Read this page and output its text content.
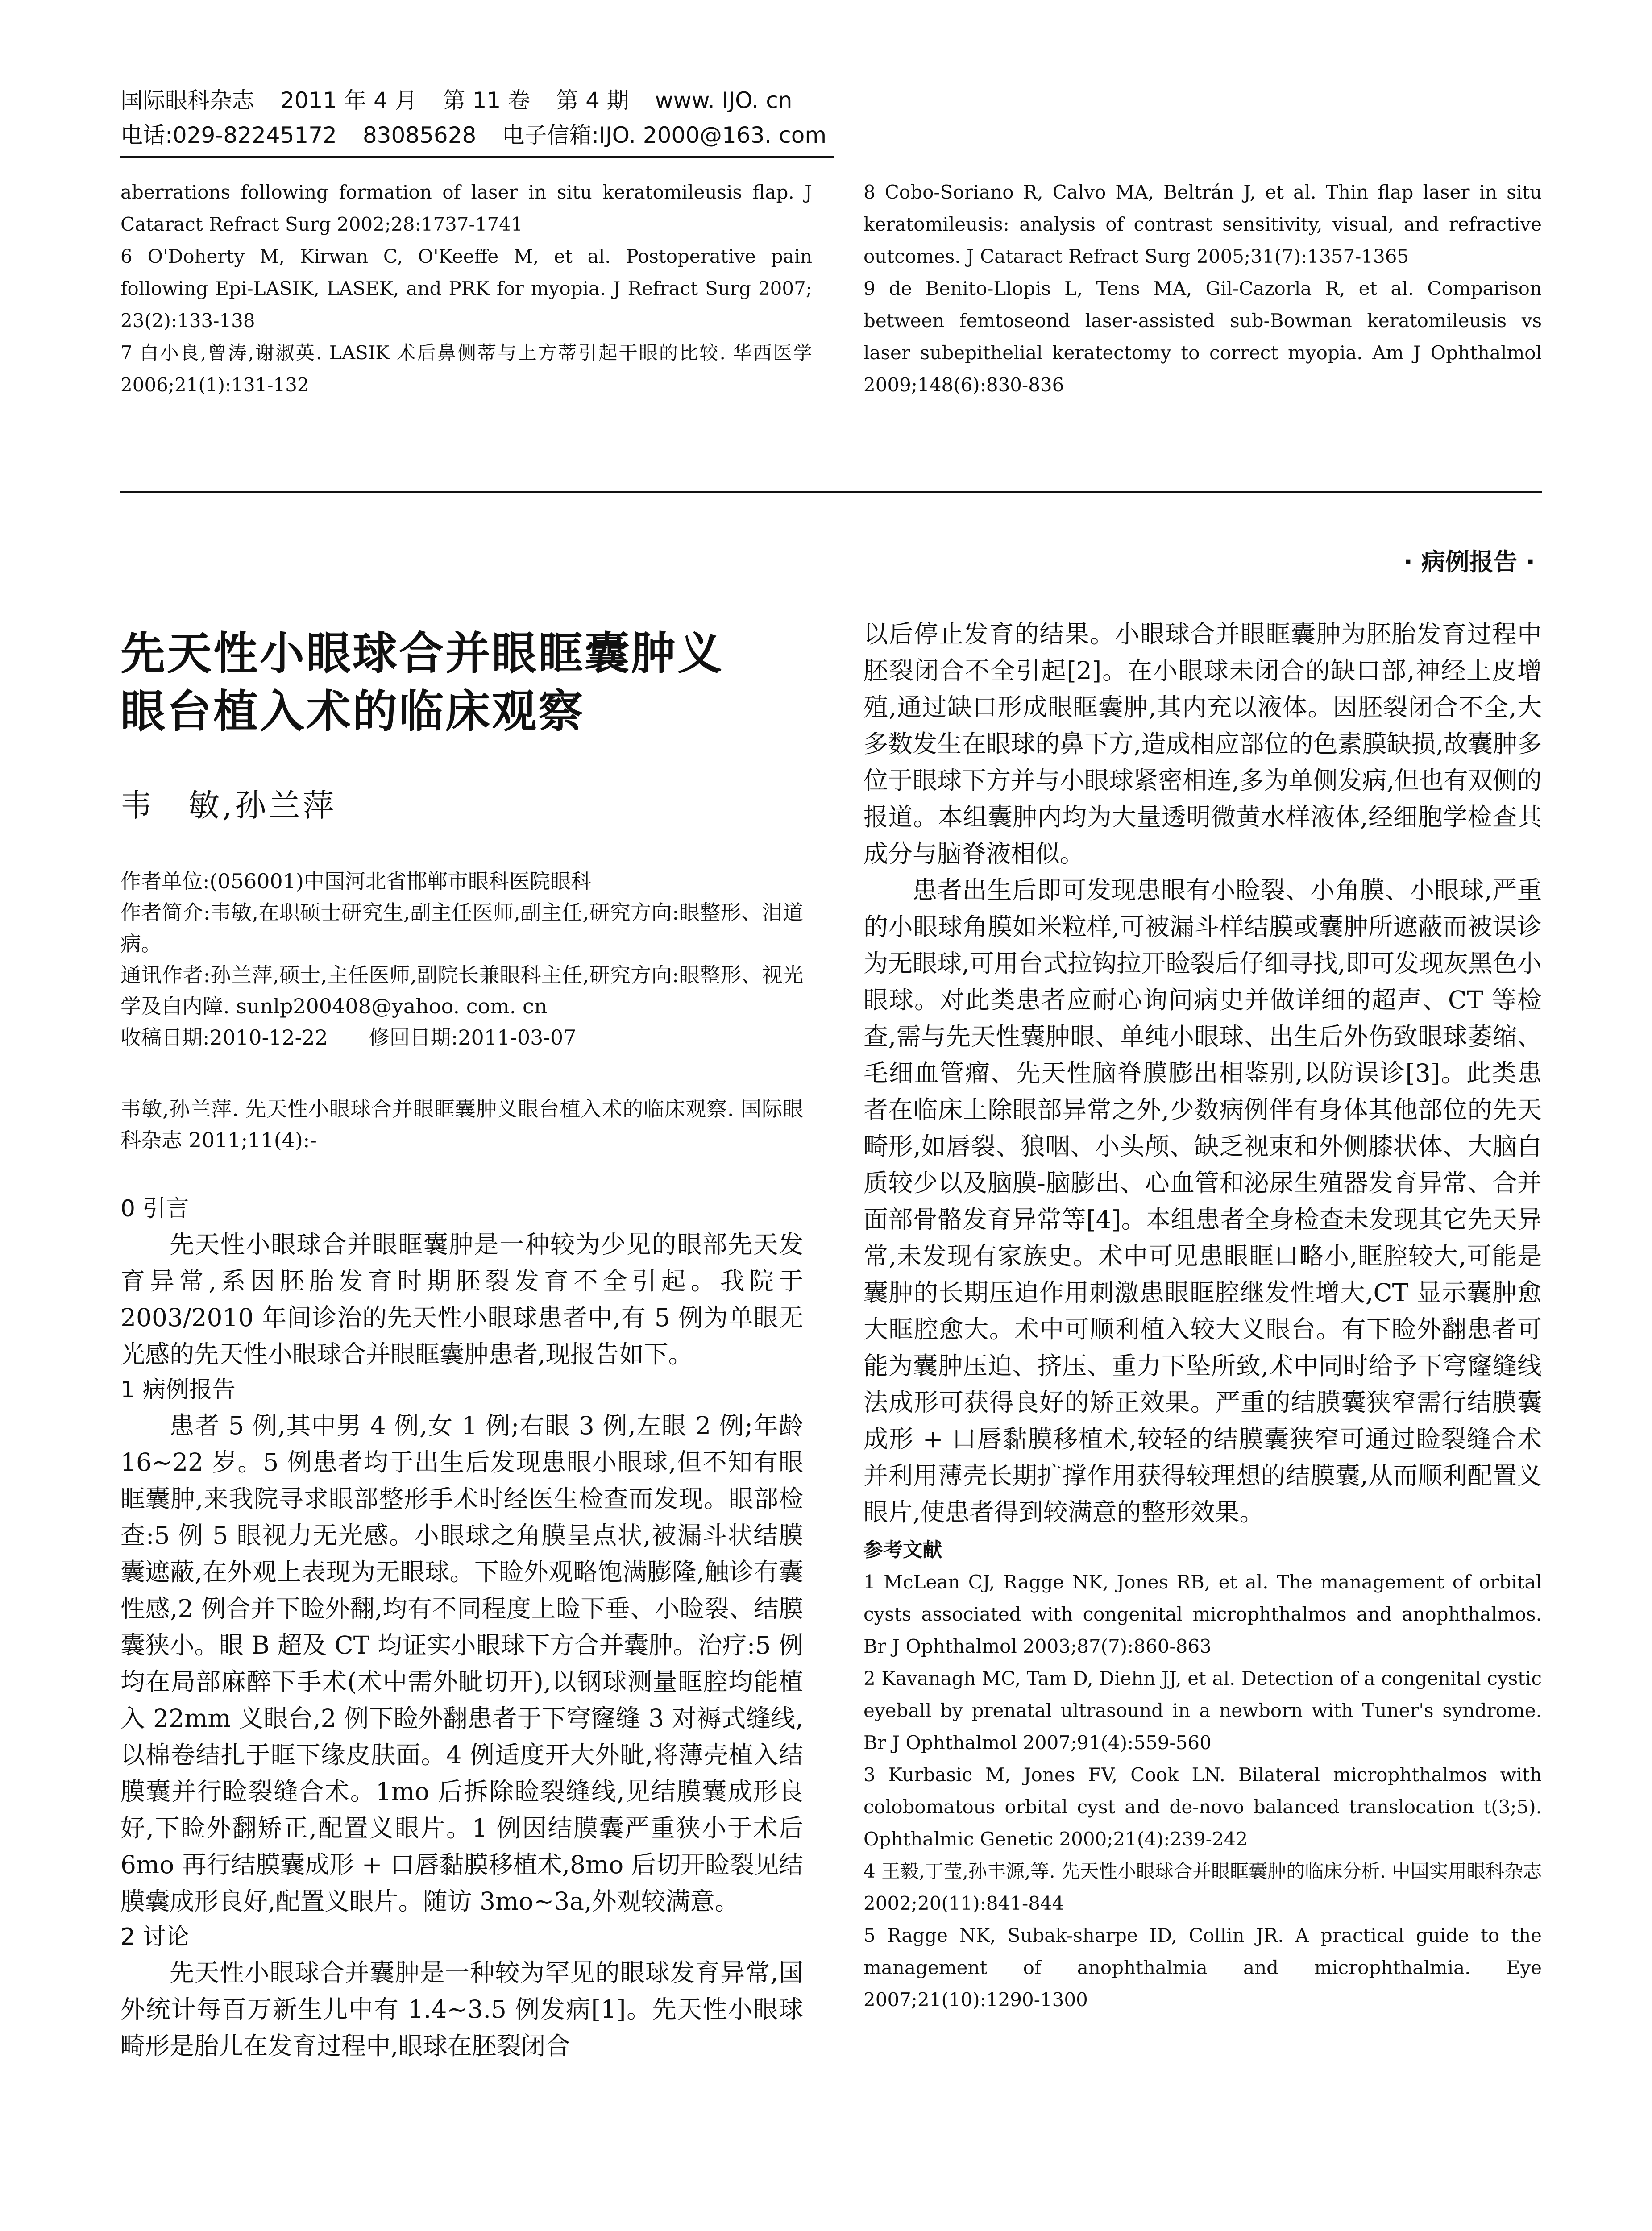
国际眼科杂志 2011 年 4 月 第 11 卷 第 4 期 www. IJO. cn
电话:029-82245172 83085628 电子信箱:IJO. 2000@163. com

aberrations following formation of laser in situ keratomileusis flap. J Cataract Refract Surg 2002;28:1737-1741

6 O'Doherty M, Kirwan C, O'Keeffe M, et al. Postoperative pain following Epi-LASIK, LASEK, and PRK for myopia. J Refract Surg 2007; 23(2):133-138

7 白小良,曾涛,谢淑英. LASIK 术后鼻侧蒂与上方蒂引起干眼的比较. 华西医学 2006;21(1):131-132

8 Cobo-Soriano R, Calvo MA, Beltrán J, et al. Thin flap laser in situ keratomileusis: analysis of contrast sensitivity, visual, and refractive outcomes. J Cataract Refract Surg 2005;31(7):1357-1365

9 de Benito-Llopis L, Tens MA, Gil-Cazorla R, et al. Comparison between femtoseond laser-assisted sub-Bowman keratomileusis vs laser subepithelial keratectomy to correct myopia. Am J Ophthalmol 2009;148(6):830-836

· 病例报告 ·
先天性小眼球合并眼眶囊肿义
眼台植入术的临床观察
韦　敏,孙兰萍

作者单位:(056001)中国河北省邯郸市眼科医院眼科

作者简介:韦敏,在职硕士研究生,副主任医师,副主任,研究方向:眼整形、泪道病。

通讯作者:孙兰萍,硕士,主任医师,副院长兼眼科主任,研究方向:眼整形、视光学及白内障. sunlp200408@yahoo. com. cn

收稿日期:2010-12-22　　修回日期:2011-03-07

韦敏,孙兰萍. 先天性小眼球合并眼眶囊肿义眼台植入术的临床观察. 国际眼科杂志 2011;11(4):-
0 引言

先天性小眼球合并眼眶囊肿是一种较为少见的眼部先天发育异常,系因胚胎发育时期胚裂发育不全引起。我院于 2003/2010 年间诊治的先天性小眼球患者中,有 5 例为单眼无光感的先天性小眼球合并眼眶囊肿患者,现报告如下。

1 病例报告

患者 5 例,其中男 4 例,女 1 例;右眼 3 例,左眼 2 例;年龄 16~22 岁。5 例患者均于出生后发现患眼小眼球,但不知有眼眶囊肿,来我院寻求眼部整形手术时经医生检查而发现。眼部检查:5 例 5 眼视力无光感。小眼球之角膜呈点状,被漏斗状结膜囊遮蔽,在外观上表现为无眼球。下睑外观略饱满膨隆,触诊有囊性感,2 例合并下睑外翻,均有不同程度上睑下垂、小睑裂、结膜囊狭小。眼 B 超及 CT 均证实小眼球下方合并囊肿。治疗:5 例均在局部麻醉下手术(术中需外眦切开),以钢球测量眶腔均能植入 22mm 义眼台,2 例下睑外翻患者于下穹窿缝 3 对褥式缝线,以棉卷结扎于眶下缘皮肤面。4 例适度开大外眦,将薄壳植入结膜囊并行睑裂缝合术。1mo 后拆除睑裂缝线,见结膜囊成形良好,下睑外翻矫正,配置义眼片。1 例因结膜囊严重狭小于术后 6mo 再行结膜囊成形 + 口唇黏膜移植术,8mo 后切开睑裂见结膜囊成形良好,配置义眼片。随访 3mo~3a,外观较满意。

2 讨论

先天性小眼球合并囊肿是一种较为罕见的眼球发育异常,国外统计每百万新生儿中有 1.4~3.5 例发病[1]。先天性小眼球畸形是胎儿在发育过程中,眼球在胚裂闭合

以后停止发育的结果。小眼球合并眼眶囊肿为胚胎发育过程中胚裂闭合不全引起[2]。在小眼球未闭合的缺口部,神经上皮增殖,通过缺口形成眼眶囊肿,其内充以液体。因胚裂闭合不全,大多数发生在眼球的鼻下方,造成相应部位的色素膜缺损,故囊肿多位于眼球下方并与小眼球紧密相连,多为单侧发病,但也有双侧的报道。本组囊肿内均为大量透明微黄水样液体,经细胞学检查其成分与脑脊液相似。

患者出生后即可发现患眼有小睑裂、小角膜、小眼球,严重的小眼球角膜如米粒样,可被漏斗样结膜或囊肿所遮蔽而被误诊为无眼球,可用台式拉钩拉开睑裂后仔细寻找,即可发现灰黑色小眼球。对此类患者应耐心询问病史并做详细的超声、CT 等检查,需与先天性囊肿眼、单纯小眼球、出生后外伤致眼球萎缩、毛细血管瘤、先天性脑脊膜膨出相鉴别,以防误诊[3]。此类患者在临床上除眼部异常之外,少数病例伴有身体其他部位的先天畸形,如唇裂、狼咽、小头颅、缺乏视束和外侧膝状体、大脑白质较少以及脑膜-脑膨出、心血管和泌尿生殖器发育异常、合并面部骨骼发育异常等[4]。本组患者全身检查未发现其它先天异常,未发现有家族史。术中可见患眼眶口略小,眶腔较大,可能是囊肿的长期压迫作用刺激患眼眶腔继发性增大,CT 显示囊肿愈大眶腔愈大。术中可顺利植入较大义眼台。有下睑外翻患者可能为囊肿压迫、挤压、重力下坠所致,术中同时给予下穹窿缝线法成形可获得良好的矫正效果。严重的结膜囊狭窄需行结膜囊成形 + 口唇黏膜移植术,较轻的结膜囊狭窄可通过睑裂缝合术并利用薄壳长期扩撑作用获得较理想的结膜囊,从而顺利配置义眼片,使患者得到较满意的整形效果。

参考文献

1 McLean CJ, Ragge NK, Jones RB, et al. The management of orbital cysts associated with congenital microphthalmos and anophthalmos. Br J Ophthalmol 2003;87(7):860-863

2 Kavanagh MC, Tam D, Diehn JJ, et al. Detection of a congenital cystic eyeball by prenatal ultrasound in a newborn with Tuner's syndrome. Br J Ophthalmol 2007;91(4):559-560

3 Kurbasic M, Jones FV, Cook LN. Bilateral microphthalmos with colobomatous orbital cyst and de-novo balanced translocation t(3;5). Ophthalmic Genetic 2000;21(4):239-242

4 王毅,丁莹,孙丰源,等. 先天性小眼球合并眼眶囊肿的临床分析. 中国实用眼科杂志 2002;20(11):841-844

5 Ragge NK, Subak-sharpe ID, Collin JR. A practical guide to the management of anophthalmia and microphthalmia. Eye 2007;21(10):1290-1300
